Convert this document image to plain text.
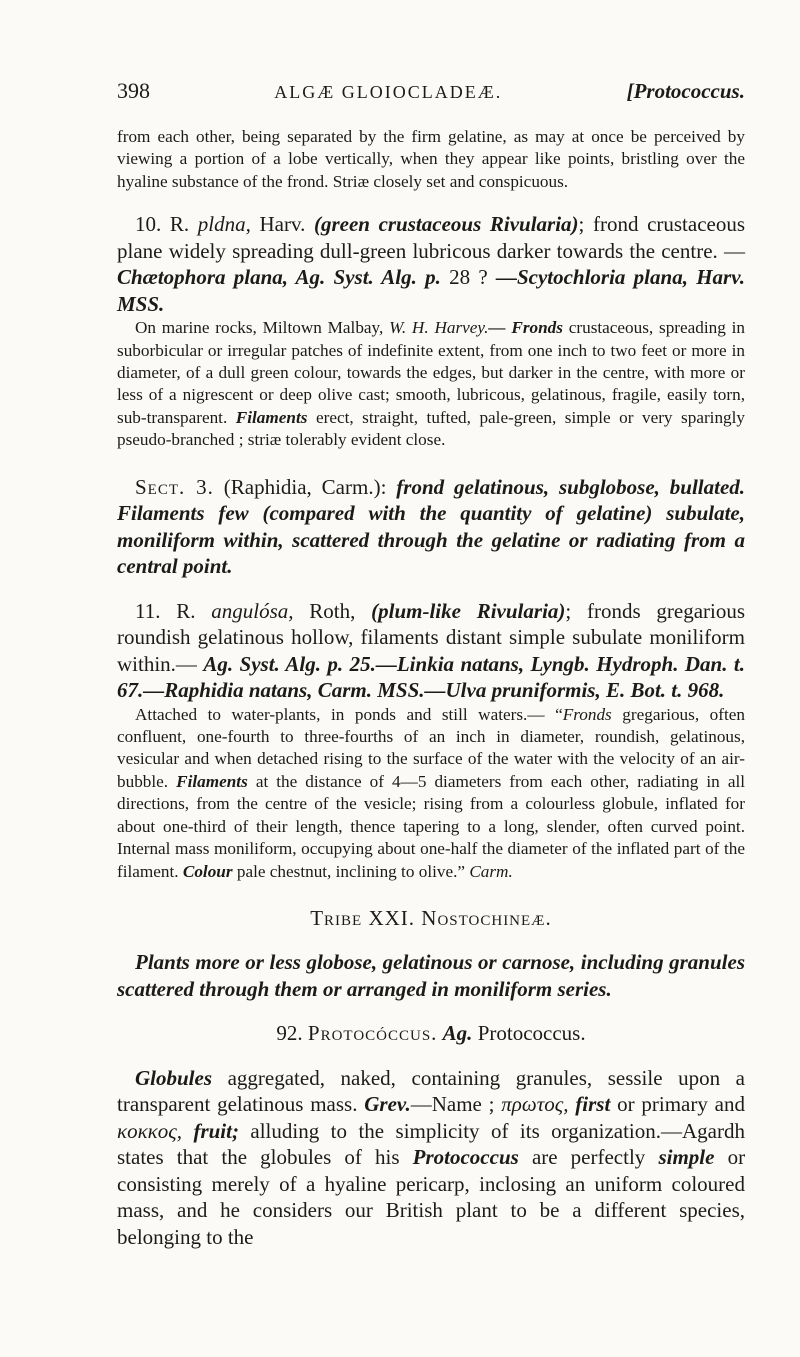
398	ALGÆ GLOIOCLADEÆ.	[Protococcus.

from each other, being separated by the firm gelatine, as may at once be perceived by viewing a portion of a lobe vertically, when they appear like points, bristling over the hyaline substance of the frond. Striæ closely set and conspicuous.

10. R. pldna, Harv. (green crustaceous Rivularia); frond crustaceous plane widely spreading dull-green lubricous darker towards the centre. — Chætophora plana, Ag. Syst. Alg. p. 28 ? —Scytochloria plana, Harv. MSS.

On marine rocks, Miltown Malbay, W. H. Harvey.— Fronds crustaceous, spreading in suborbicular or irregular patches of indefinite extent, from one inch to two feet or more in diameter, of a dull green colour, towards the edges, but darker in the centre, with more or less of a nigrescent or deep olive cast; smooth, lubricous, gelatinous, fragile, easily torn, sub-transparent. Filaments erect, straight, tufted, pale-green, simple or very sparingly pseudo-branched ; striæ tolerably evident close.

Sect. 3. (Raphidia, Carm.): frond gelatinous, subglobose, bullated. Filaments few (compared with the quantity of gelatine) subulate, moniliform within, scattered through the gelatine or radiating from a central point.

11. R. angulósa, Roth, (plum-like Rivularia); fronds gregarious roundish gelatinous hollow, filaments distant simple subulate moniliform within.— Ag. Syst. Alg. p. 25.—Linkia natans, Lyngb. Hydroph. Dan. t. 67.—Raphidia natans, Carm. MSS.—Ulva pruniformis, E. Bot. t. 968.

Attached to water-plants, in ponds and still waters.— “Fronds gregarious, often confluent, one-fourth to three-fourths of an inch in diameter, roundish, gelatinous, vesicular and when detached rising to the surface of the water with the velocity of an air-bubble. Filaments at the distance of 4—5 diameters from each other, radiating in all directions, from the centre of the vesicle; rising from a colourless globule, inflated for about one-third of their length, thence tapering to a long, slender, often curved point. Internal mass moniliform, occupying about one-half the diameter of the inflated part of the filament. Colour pale chestnut, inclining to olive.” Carm.

Tribe XXI. Nostochineæ.

Plants more or less globose, gelatinous or carnose, including granules scattered through them or arranged in moniliform series.

92. Protocóccus. Ag. Protococcus.

Globules aggregated, naked, containing granules, sessile upon a transparent gelatinous mass. Grev.—Name ; πρωτος, first or primary and κοκκος, fruit; alluding to the simplicity of its organization.—Agardh states that the globules of his Protococcus are perfectly simple or consisting merely of a hyaline pericarp, inclosing an uniform coloured mass, and he considers our British plant to be a different species, belonging to the
